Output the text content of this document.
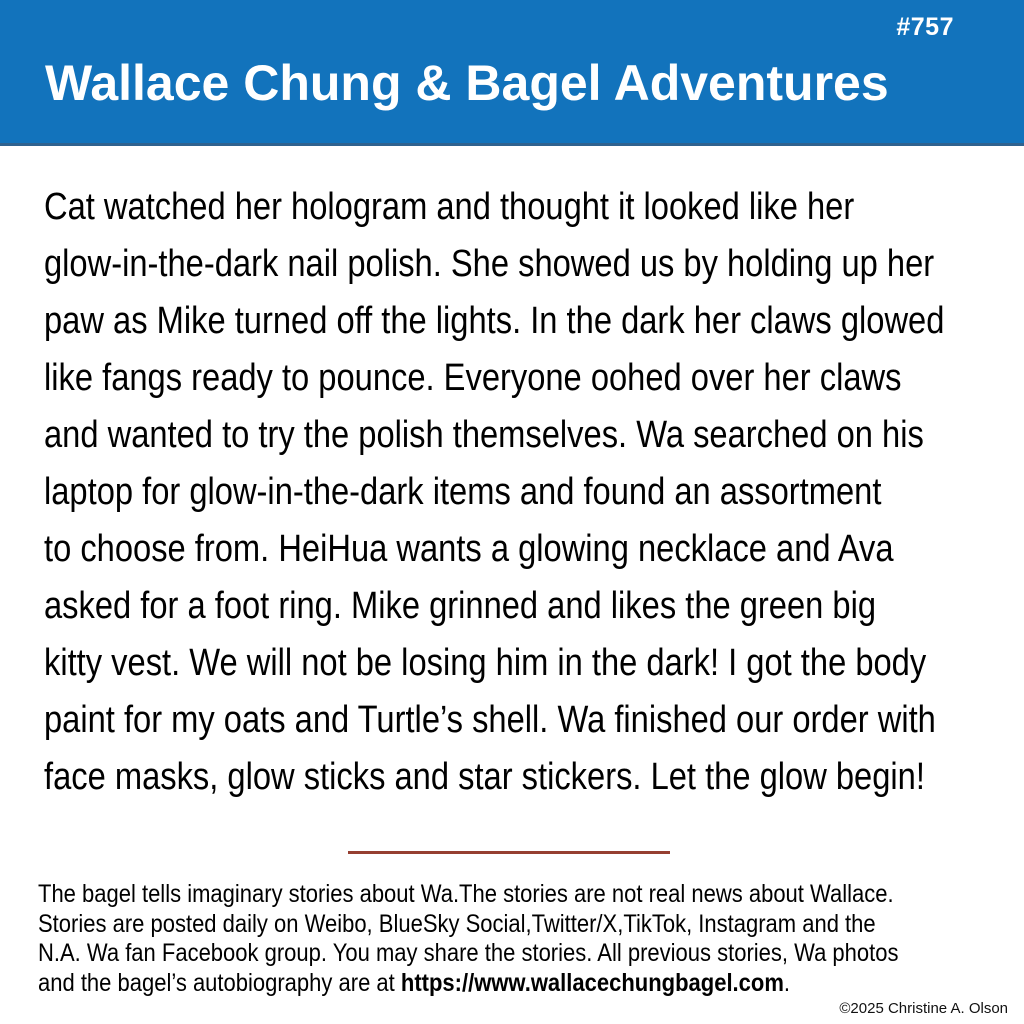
#757
Wallace Chung & Bagel Adventures
Cat watched her hologram and thought it looked like her
glow-in-the-dark nail polish. She showed us by holding up her
paw as Mike turned off the lights. In the dark her claws glowed
like fangs ready to pounce. Everyone oohed over her claws
and wanted to try the polish themselves. Wa searched on his
laptop for glow-in-the-dark items and found an assortment
to choose from. HeiHua wants a glowing necklace and Ava
asked for a foot ring. Mike grinned and likes the green big
kitty vest. We will not be losing him in the dark! I got the body
paint for my oats and Turtle’s shell. Wa finished our order with
face masks, glow sticks and star stickers. Let the glow begin!
The bagel tells imaginary stories about Wa.The stories are not real news about Wallace.
Stories are posted daily on Weibo, BlueSky Social,Twitter/X,TikTok, Instagram and the
N.A. Wa fan Facebook group. You may share the stories. All previous stories, Wa photos
and the bagel’s autobiography are at https://www.wallacechungbagel.com.
©2025 Christine A. Olson
